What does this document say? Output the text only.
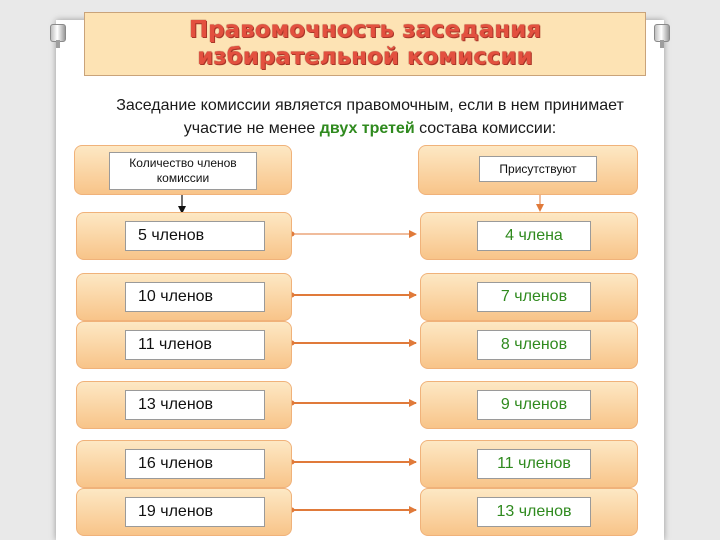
Правомочность заседания
избирательной комиссии
Заседание комиссии является правомочным, если в нем принимает участие не менее двух третей состава комиссии:
Количество членов комиссии
Присутствуют
5 членов	4 члена
10 членов	7 членов
11 членов	8 членов
13 членов	9 членов
16 членов	11 членов
19 членов	13 членов
